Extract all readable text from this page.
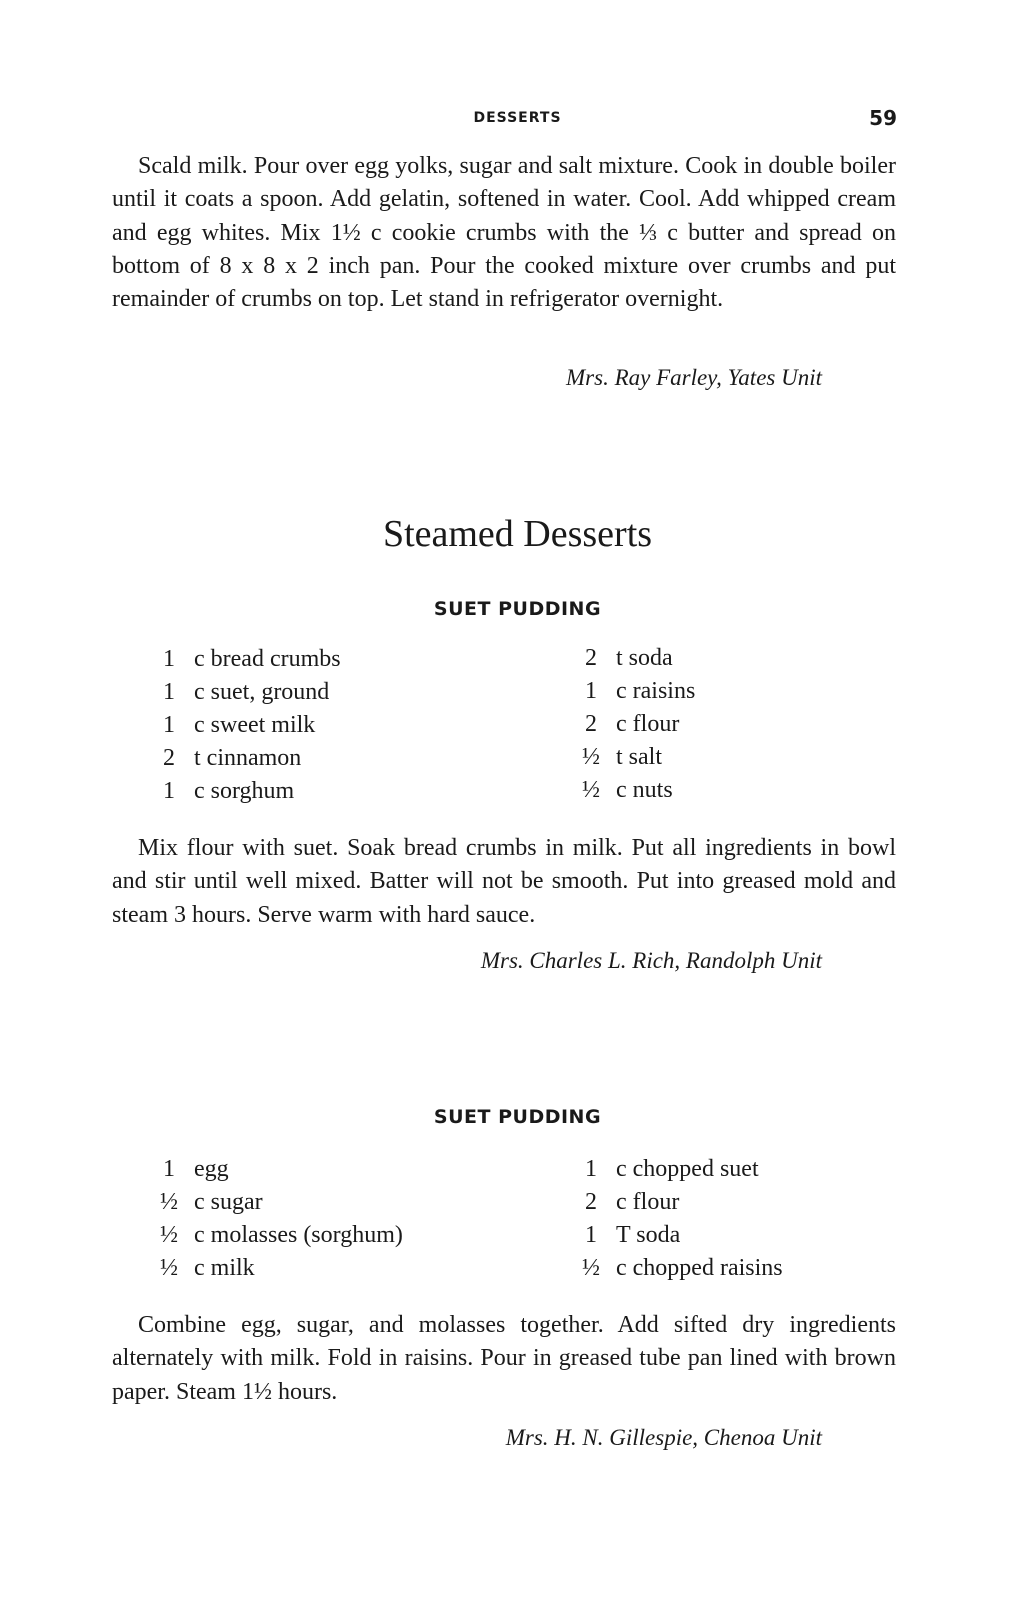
DESSERTS	59

Scald milk. Pour over egg yolks, sugar and salt mixture. Cook in double boiler until it coats a spoon. Add gelatin, softened in water. Cool. Add whipped cream and egg whites. Mix 1½ c cookie crumbs with the ⅓ c butter and spread on bottom of 8 x 8 x 2 inch pan. Pour the cooked mixture over crumbs and put remainder of crumbs on top. Let stand in refrigerator overnight.

Mrs. Ray Farley, Yates Unit
Steamed Desserts
SUET PUDDING
1 c bread crumbs
1 c suet, ground
1 c sweet milk
2 t cinnamon
1 c sorghum
2 t soda
1 c raisins
2 c flour
½ t salt
½ c nuts

Mix flour with suet. Soak bread crumbs in milk. Put all ingredients in bowl and stir until well mixed. Batter will not be smooth. Put into greased mold and steam 3 hours. Serve warm with hard sauce.

Mrs. Charles L. Rich, Randolph Unit
SUET PUDDING
1 egg
½ c sugar
½ c molasses (sorghum)
½ c milk
1 c chopped suet
2 c flour
1 T soda
½ c chopped raisins

Combine egg, sugar, and molasses together. Add sifted dry ingredients alternately with milk. Fold in raisins. Pour in greased tube pan lined with brown paper. Steam 1½ hours.

Mrs. H. N. Gillespie, Chenoa Unit
